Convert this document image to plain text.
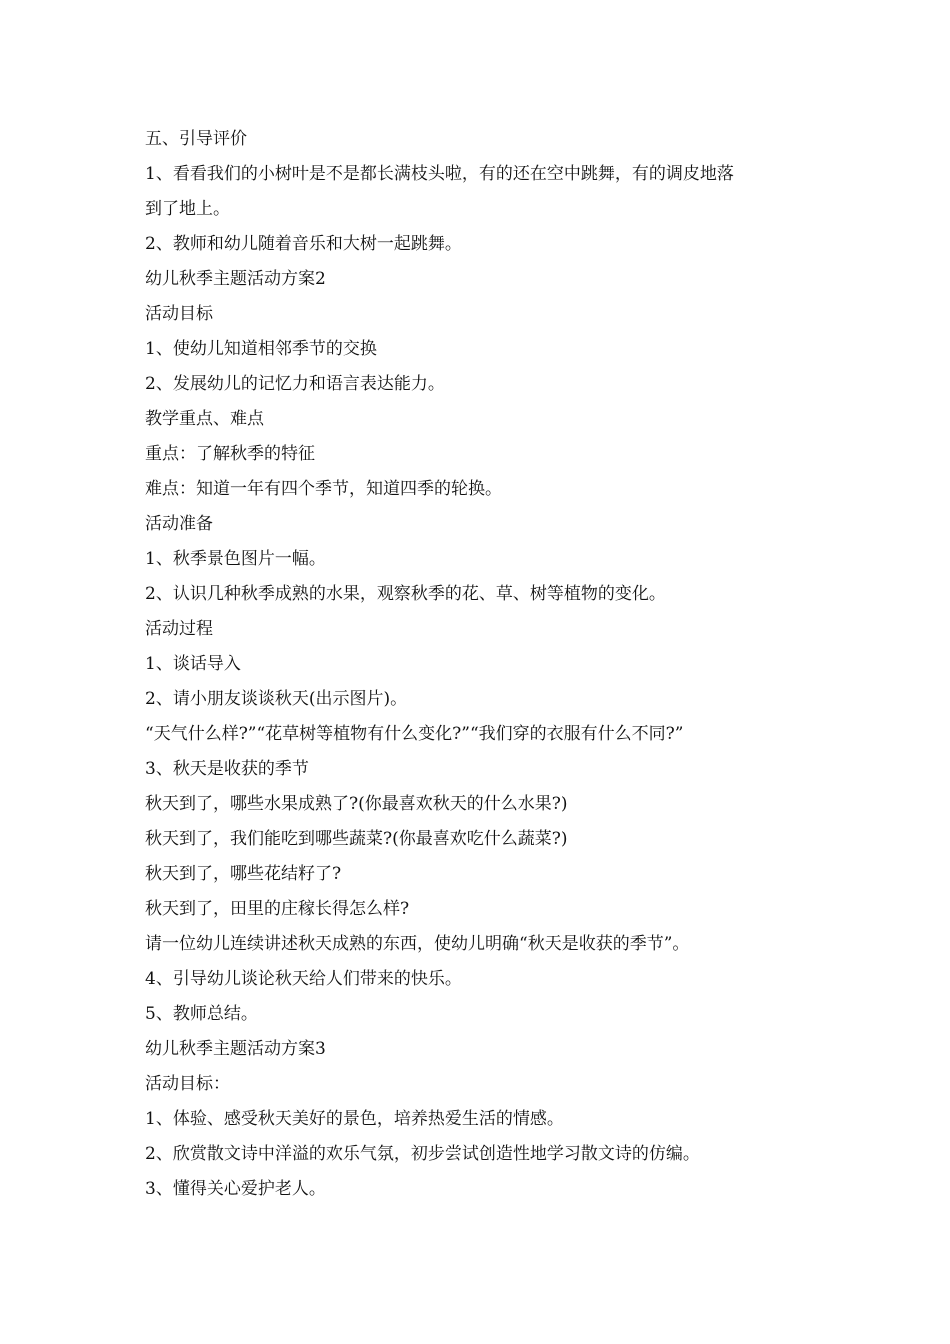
五、引导评价
1、看看我们的小树叶是不是都长满枝头啦，有的还在空中跳舞，有的调皮地落
到了地上。
2、教师和幼儿随着音乐和大树一起跳舞。
幼儿秋季主题活动方案2
活动目标
1、使幼儿知道相邻季节的交换
2、发展幼儿的记忆力和语言表达能力。
教学重点、难点
重点：了解秋季的特征
难点：知道一年有四个季节，知道四季的轮换。
活动准备
1、秋季景色图片一幅。
2、认识几种秋季成熟的水果，观察秋季的花、草、树等植物的变化。
活动过程
1、谈话导入
2、请小朋友谈谈秋天(出示图片)。
“天气什么样?”“花草树等植物有什么变化?”“我们穿的衣服有什么不同?”
3、秋天是收获的季节
秋天到了，哪些水果成熟了?(你最喜欢秋天的什么水果?)
秋天到了，我们能吃到哪些蔬菜?(你最喜欢吃什么蔬菜?)
秋天到了，哪些花结籽了?
秋天到了，田里的庄稼长得怎么样?
请一位幼儿连续讲述秋天成熟的东西，使幼儿明确“秋天是收获的季节”。
4、引导幼儿谈论秋天给人们带来的快乐。
5、教师总结。
幼儿秋季主题活动方案3
活动目标：
1、体验、感受秋天美好的景色，培养热爱生活的情感。
2、欣赏散文诗中洋溢的欢乐气氛，初步尝试创造性地学习散文诗的仿编。
3、懂得关心爱护老人。
